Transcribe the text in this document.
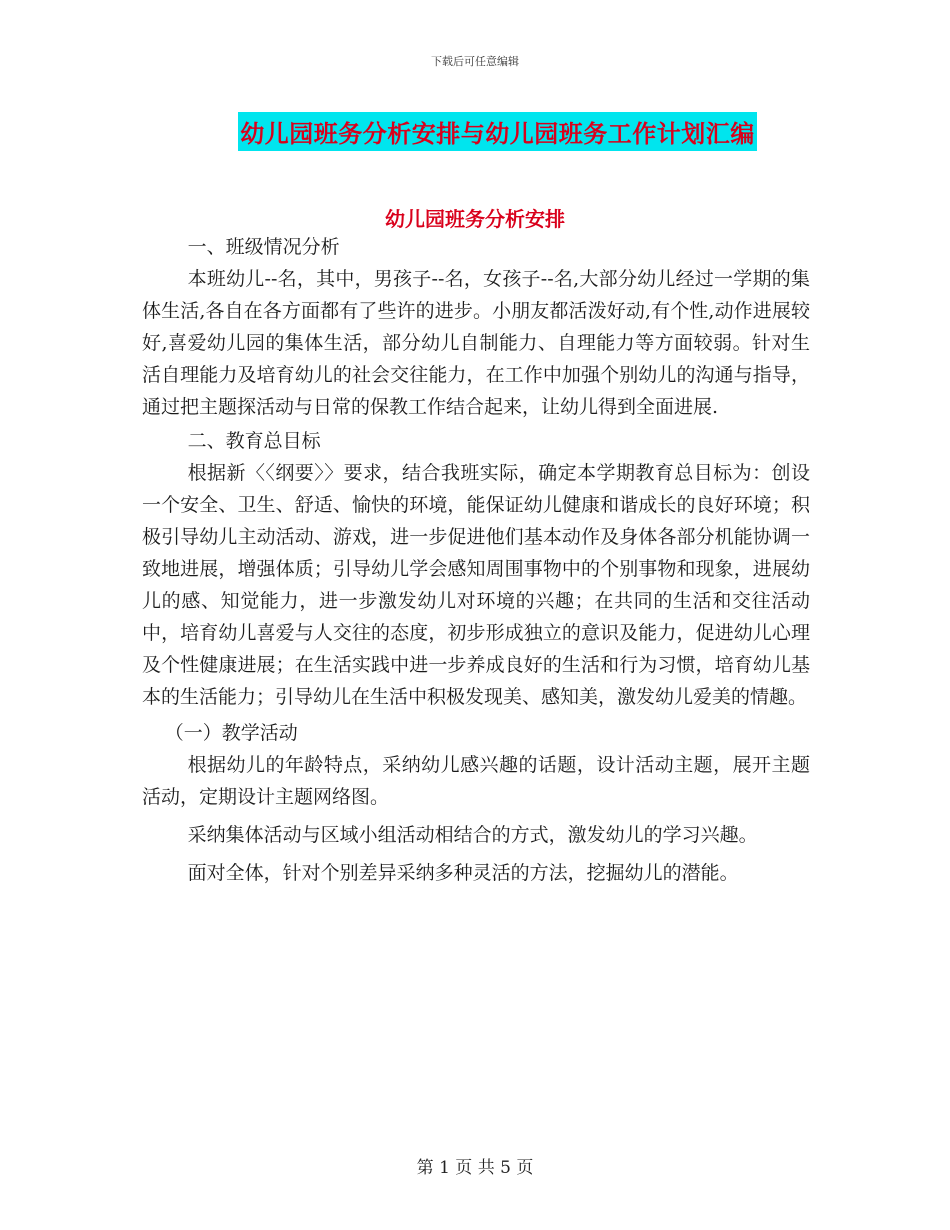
下载后可任意编辑
幼儿园班务分析安排与幼儿园班务工作计划汇编
幼儿园班务分析安排

一、班级情况分析

本班幼儿--名，其中，男孩子--名，女孩子--名,大部分幼儿经过一学期的集体生活,各自在各方面都有了些许的进步。小朋友都活泼好动,有个性,动作进展较好,喜爱幼儿园的集体生活，部分幼儿自制能力、自理能力等方面较弱。针对生活自理能力及培育幼儿的社会交往能力，在工作中加强个别幼儿的沟通与指导，通过把主题探活动与日常的保教工作结合起来，让幼儿得到全面进展.

二、教育总目标

根据新〈〈纲要〉〉要求，结合我班实际，确定本学期教育总目标为：创设一个安全、卫生、舒适、愉快的环境，能保证幼儿健康和谐成长的良好环境；积极引导幼儿主动活动、游戏，进一步促进他们基本动作及身体各部分机能协调一致地进展，增强体质；引导幼儿学会感知周围事物中的个别事物和现象，进展幼儿的感、知觉能力，进一步激发幼儿对环境的兴趣；在共同的生活和交往活动中，培育幼儿喜爱与人交往的态度，初步形成独立的意识及能力，促进幼儿心理及个性健康进展；在生活实践中进一步养成良好的生活和行为习惯，培育幼儿基本的生活能力；引导幼儿在生活中积极发现美、感知美，激发幼儿爱美的情趣。

（一）教学活动

根据幼儿的年龄特点，采纳幼儿感兴趣的话题，设计活动主题，展开主题活动，定期设计主题网络图。

采纳集体活动与区域小组活动相结合的方式，激发幼儿的学习兴趣。

面对全体，针对个别差异采纳多种灵活的方法，挖掘幼儿的潜能。

第 1 页 共 5 页
